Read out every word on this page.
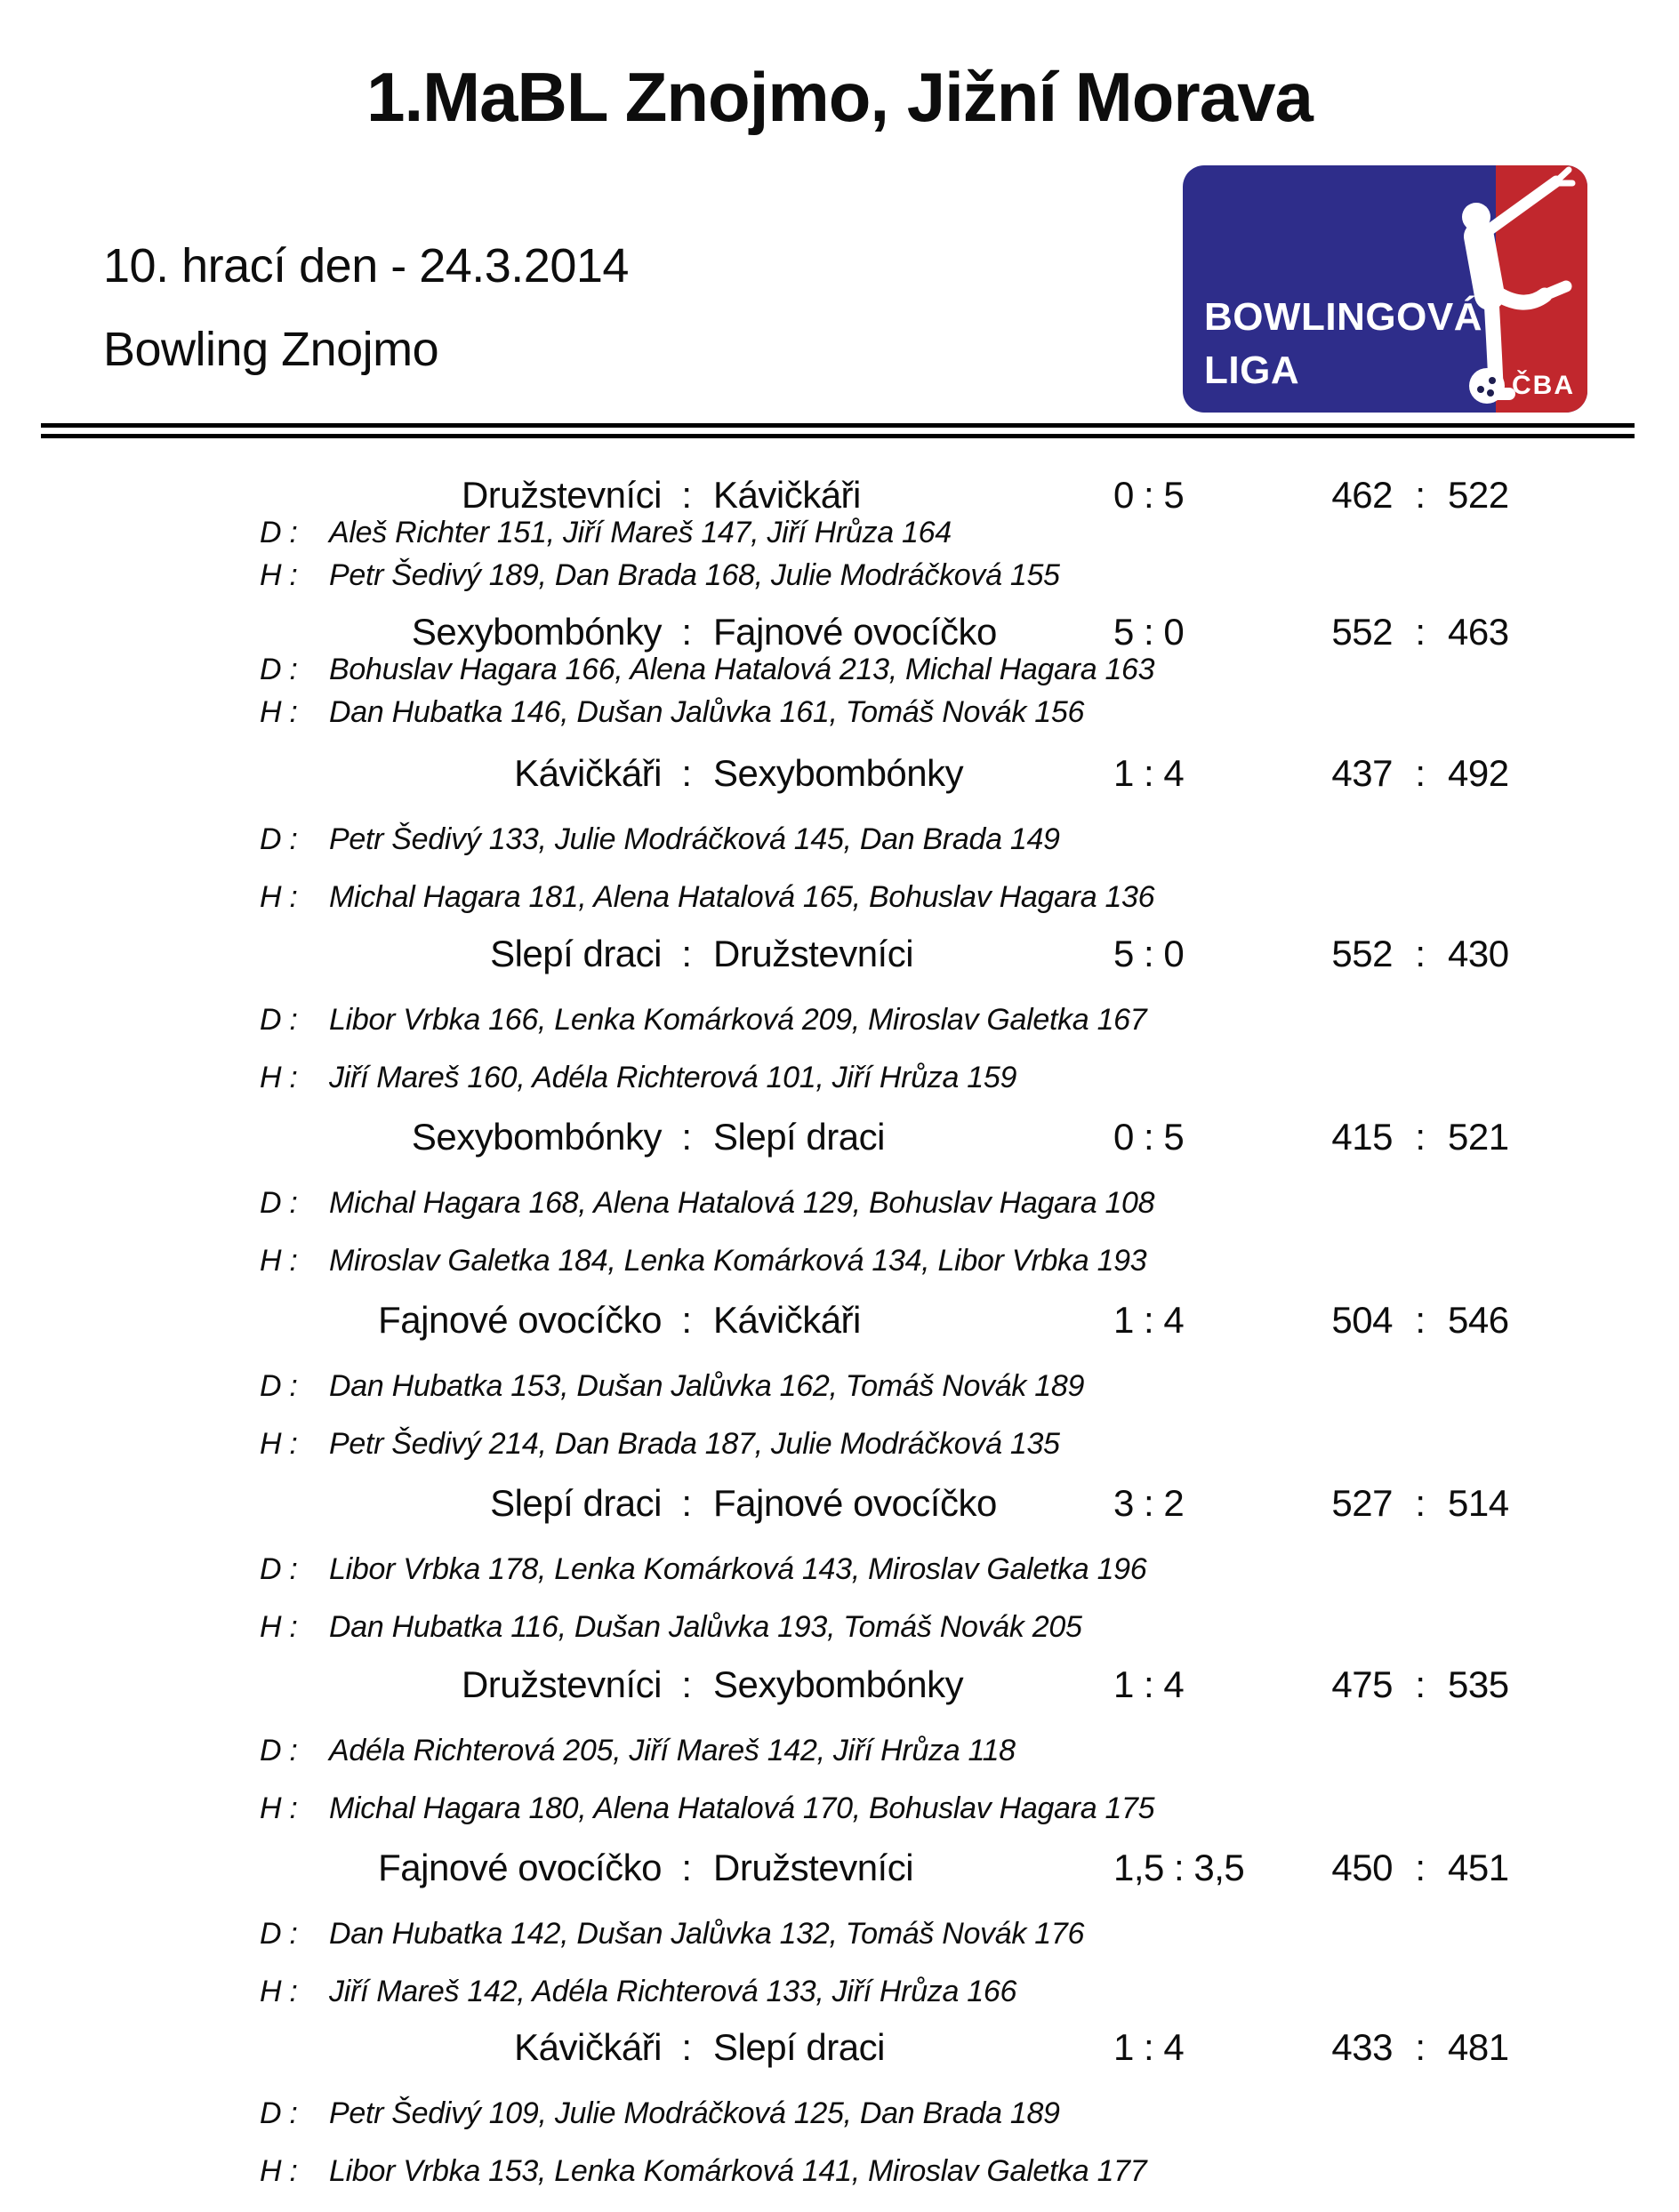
1.MaBL Znojmo, Jižní Morava
10. hrací den - 24.3.2014
Bowling Znojmo
BOWLINGOVÁ
LIGA	ČBA
Družstevníci : Kávičkáři	0 : 5	462 : 522
D : Aleš Richter 151, Jiří Mareš 147, Jiří Hrůza 164
H : Petr Šedivý 189, Dan Brada 168, Julie Modráčková 155
Sexybombónky : Fajnové ovocíčko	5 : 0	552 : 463
D : Bohuslav Hagara 166, Alena Hatalová 213, Michal Hagara 163
H : Dan Hubatka 146, Dušan Jalůvka 161, Tomáš Novák 156
Kávičkáři : Sexybombónky	1 : 4	437 : 492
D : Petr Šedivý 133, Julie Modráčková 145, Dan Brada 149
H : Michal Hagara 181, Alena Hatalová 165, Bohuslav Hagara 136
Slepí draci : Družstevníci	5 : 0	552 : 430
D : Libor Vrbka 166, Lenka Komárková 209, Miroslav Galetka 167
H : Jiří Mareš 160, Adéla Richterová 101, Jiří Hrůza 159
Sexybombónky : Slepí draci	0 : 5	415 : 521
D : Michal Hagara 168, Alena Hatalová 129, Bohuslav Hagara 108
H : Miroslav Galetka 184, Lenka Komárková 134, Libor Vrbka 193
Fajnové ovocíčko : Kávičkáři	1 : 4	504 : 546
D : Dan Hubatka 153, Dušan Jalůvka 162, Tomáš Novák 189
H : Petr Šedivý 214, Dan Brada 187, Julie Modráčková 135
Slepí draci : Fajnové ovocíčko	3 : 2	527 : 514
D : Libor Vrbka 178, Lenka Komárková 143, Miroslav Galetka 196
H : Dan Hubatka 116, Dušan Jalůvka 193, Tomáš Novák 205
Družstevníci : Sexybombónky	1 : 4	475 : 535
D : Adéla Richterová 205, Jiří Mareš 142, Jiří Hrůza 118
H : Michal Hagara 180, Alena Hatalová 170, Bohuslav Hagara 175
Fajnové ovocíčko : Družstevníci	1,5 : 3,5	450 : 451
D : Dan Hubatka 142, Dušan Jalůvka 132, Tomáš Novák 176
H : Jiří Mareš 142, Adéla Richterová 133, Jiří Hrůza 166
Kávičkáři : Slepí draci	1 : 4	433 : 481
D : Petr Šedivý 109, Julie Modráčková 125, Dan Brada 189
H : Libor Vrbka 153, Lenka Komárková 141, Miroslav Galetka 177
